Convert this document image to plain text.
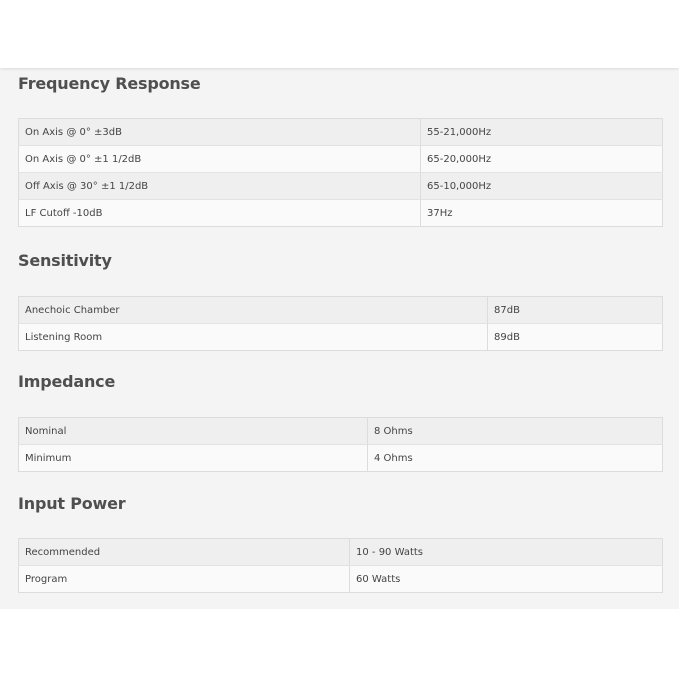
Frequency Response
On Axis @ 0° ±3dB	55-21,000Hz
On Axis @ 0° ±1 1/2dB	65-20,000Hz
Off Axis @ 30° ±1 1/2dB	65-10,000Hz
LF Cutoff -10dB	37Hz
Sensitivity
Anechoic Chamber	87dB
Listening Room	89dB
Impedance
Nominal	8 Ohms
Minimum	4 Ohms
Input Power
Recommended	10 - 90 Watts
Program	60 Watts
